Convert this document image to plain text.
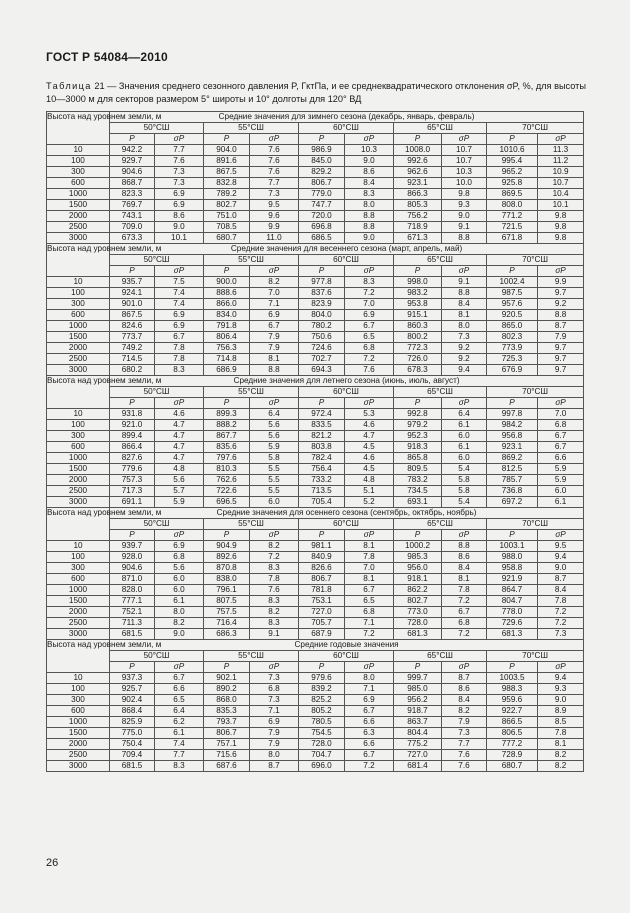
ГОСТ Р 54084—2010
Таблица 21 — Значения среднего сезонного давления P, ГктПа, и ее среднеквадратического отклонения σP, %, для высоты 10—3000 м для секторов размером 5° широты и 10° долготы для 120° ВД
Высота над уровнем земли, м	Средние значения для зимнего сезона (декабрь, январь, февраль)									
	50°СШ		55°СШ		60°СШ		65°СШ		70°СШ	
	P	σP	P	σP	P	σP	P	σP	P	σP
10	942.2	7.7	904.0	7.6	986.9	10.3	1008.0	10.7	1010.6	11.3
100	929.7	7.6	891.6	7.6	845.0	9.0	992.6	10.7	995.4	11.2
300	904.6	7.3	867.5	7.6	829.2	8.6	962.6	10.3	965.2	10.9
600	868.7	7.3	832.8	7.7	806.7	8.4	923.1	10.0	925.8	10.7
1000	823.3	6.9	789.2	7.3	779.0	8.3	866.3	9.8	869.5	10.4
1500	769.7	6.9	802.7	9.5	747.7	8.0	805.3	9.3	808.0	10.1
2000	743.1	8.6	751.0	9.6	720.0	8.8	756.2	9.0	771.2	9.8
2500	709.0	9.0	708.5	9.9	696.8	8.8	718.9	9.1	721.5	9.8
3000	673.3	10.1	680.7	11.0	686.5	9.0	671.3	8.8	671.8	9.8
Высота над уровнем земли, м	Средние значения для весеннего сезона (март, апрель, май)									
	50°СШ		55°СШ		60°СШ		65°СШ		70°СШ	
	P	σP	P	σP	P	σP	P	σP	P	σP
10	935.7	7.5	900.0	8.2	977.8	8.3	998.0	9.1	1002.4	9.9
100	924.1	7.4	888.6	7.0	837.6	7.2	983.2	8.8	987.5	9.7
300	901.0	7.4	866.0	7.1	823.9	7.0	953.8	8.4	957.6	9.2
600	867.5	6.9	834.0	6.9	804.0	6.9	915.1	8.1	920.5	8.8
1000	824.6	6.9	791.8	6.7	780.2	6.7	860.3	8.0	865.0	8.7
1500	773.7	6.7	806.4	7.9	750.6	6.5	800.2	7.3	802.3	7.9
2000	749.2	7.8	756.3	7.9	724.6	6.8	772.3	9.2	773.9	9.7
2500	714.5	7.8	714.8	8.1	702.7	7.2	726.0	9.2	725.3	9.7
3000	680.2	8.3	686.9	8.8	694.3	7.6	678.3	9.4	676.9	9.7
Высота над уровнем земли, м	Средние значения для летнего сезона (июнь, июль, август)									
	50°СШ		55°СШ		60°СШ		65°СШ		70°СШ	
	P	σP	P	σP	P	σP	P	σP	P	σP
10	931.8	4.6	899.3	6.4	972.4	5.3	992.8	6.4	997.8	7.0
100	921.0	4.7	888.2	5.6	833.5	4.6	979.2	6.1	984.2	6.8
300	899.4	4.7	867.7	5.6	821.2	4.7	952.3	6.0	956.8	6.7
600	866.4	4.7	835.6	5.9	803.8	4.5	918.3	6.1	923.1	6.7
1000	827.6	4.7	797.6	5.8	782.4	4.6	865.8	6.0	869.2	6.6
1500	779.6	4.8	810.3	5.5	756.4	4.5	809.5	5.4	812.5	5.9
2000	757.3	5.6	762.6	5.5	733.2	4.8	783.2	5.8	785.7	5.9
2500	717.3	5.7	722.6	5.5	713.5	5.1	734.5	5.8	736.8	6.0
3000	691.1	5.9	696.5	6.0	705.4	5.2	693.1	5.4	697.2	6.1
Высота над уровнем земли, м	Средние значения для осеннего сезона (сентябрь, октябрь, ноябрь)									
	50°СШ		55°СШ		60°СШ		65°СШ		70°СШ	
	P	σP	P	σP	P	σP	P	σP	P	σP
10	939.7	6.9	904.9	8.2	981.1	8.1	1000.2	8.8	1003.1	9.5
100	928.0	6.8	892.6	7.2	840.9	7.8	985.3	8.6	988.0	9.4
300	904.6	5.6	870.8	8.3	826.6	7.0	956.0	8.4	958.8	9.0
600	871.0	6.0	838.0	7.8	806.7	8.1	918.1	8.1	921.9	8.7
1000	828.0	6.0	796.1	7.6	781.8	6.7	862.2	7.8	864.7	8.4
1500	777.1	6.1	807.5	8.3	753.1	6.5	802.7	7.2	804.7	7.8
2000	752.1	8.0	757.5	8.2	727.0	6.8	773.0	6.7	778.0	7.2
2500	711.3	8.2	716.4	8.3	705.7	7.1	728.0	6.8	729.6	7.2
3000	681.5	9.0	686.3	9.1	687.9	7.2	681.3	7.2	681.3	7.3
Высота над уровнем земли, м	Средние годовые значения									
	50°СШ		55°СШ		60°СШ		65°СШ		70°СШ	
	P	σP	P	σP	P	σP	P	σP	P	σP
10	937.3	6.7	902.1	7.3	979.6	8.0	999.7	8.7	1003.5	9.4
100	925.7	6.6	890.2	6.8	839.2	7.1	985.0	8.6	988.3	9.3
300	902.4	6.5	868.0	7.3	825.2	6.9	956.2	8.4	959.6	9.0
600	868.4	6.4	835.3	7.1	805.2	6.7	918.7	8.2	922.7	8.9
1000	825.9	6.2	793.7	6.9	780.5	6.6	863.7	7.9	866.5	8.5
1500	775.0	6.1	806.7	7.9	754.5	6.3	804.4	7.3	806.5	7.8
2000	750.4	7.4	757.1	7.9	728.0	6.6	775.2	7.7	777.2	8.1
2500	709.4	7.7	715.6	8.0	704.7	6.7	727.0	7.6	728.9	8.2
3000	681.5	8.3	687.6	8.7	696.0	7.2	681.4	7.6	680.7	8.2
26
